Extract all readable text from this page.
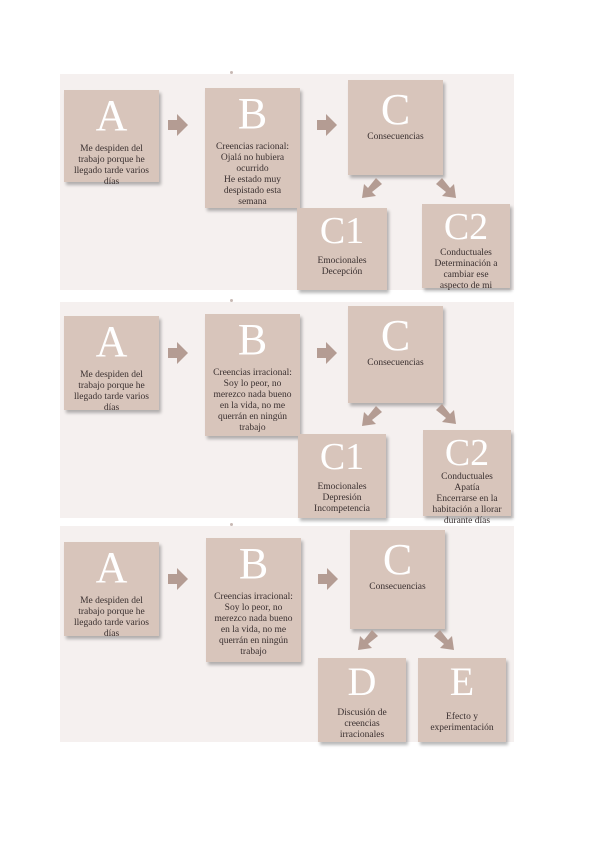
A
Me despiden del
trabajo porque he
llegado tarde varios
días
B
Creencias racional:
Ojalá no hubiera
ocurrido
He estado muy
despistado esta
semana
C
Consecuencias
C1
Emocionales
Decepción
C2
Conductuales
Determinación a
cambiar ese
aspecto de mi
A
Me despiden del
trabajo porque he
llegado tarde varios
días
B
Creencias irracional:
Soy lo peor, no
merezco nada bueno
en la vida, no me
querrán en ningún
trabajo
C
Consecuencias
C1
Emocionales
Depresión
Incompetencia
C2
Conductuales
Apatía
Encerrarse en la
habitación a llorar
durante días
A
Me despiden del
trabajo porque he
llegado tarde varios
días
B
Creencias irracional:
Soy lo peor, no
merezco nada bueno
en la vida, no me
querrán en ningún
trabajo
C
Consecuencias
D
Discusión de
creencias
irracionales
E
Efecto y
experimentación
